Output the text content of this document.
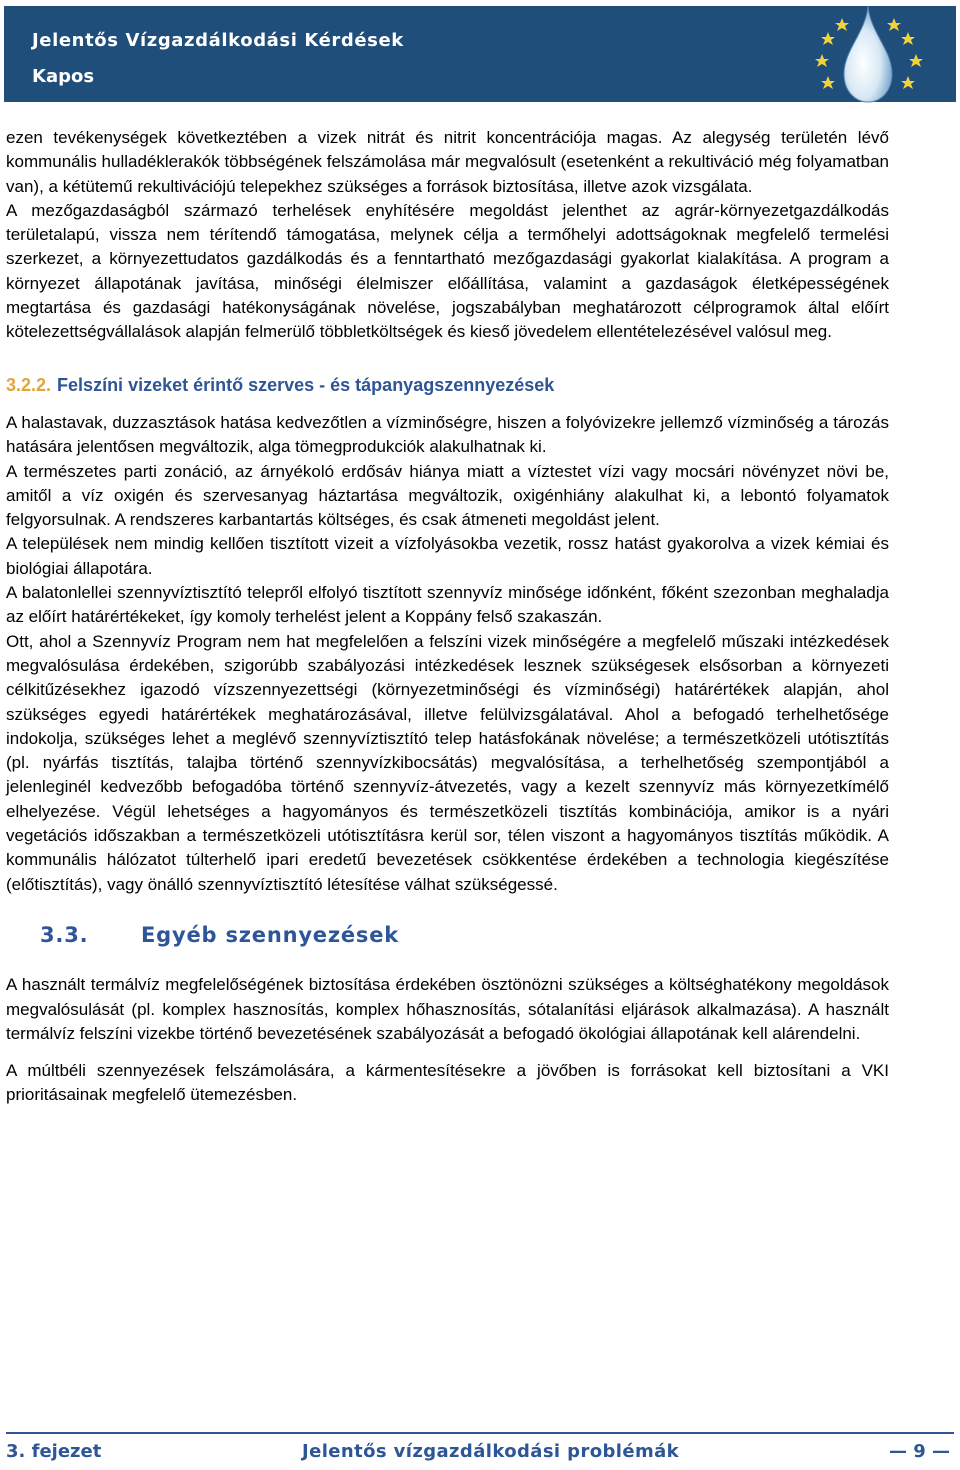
Jelentős Vízgazdálkodási Kérdések
Kapos

ezen tevékenységek következtében a vizek nitrát és nitrit koncentrációja magas. Az alegység területén lévő kommunális hulladéklerakók többségének felszámolása már megvalósult (esetenként a rekultiváció még folyamatban van), a kétütemű rekultivációjú telepekhez szükséges a források biztosítása, illetve azok vizsgálata.

A mezőgazdaságból származó terhelések enyhítésére megoldást jelenthet az agrár-környezetgazdálkodás területalapú, vissza nem térítendő támogatása, melynek célja a termőhelyi adottságoknak megfelelő termelési szerkezet, a környezettudatos gazdálkodás és a fenntartható mezőgazdasági gyakorlat kialakítása. A program a környezet állapotának javítása, minőségi élelmiszer előállítása, valamint a gazdaságok életképességének megtartása és gazdasági hatékonyságának növelése, jogszabályban meghatározott célprogramok által előírt kötelezettségvállalások alapján felmerülő többletköltségek és kieső jövedelem ellentételezésével valósul meg.

3.2.2. Felszíni vizeket érintő szerves - és tápanyagszennyezések

A halastavak, duzzasztások hatása kedvezőtlen a vízminőségre, hiszen a folyóvizekre jellemző vízminőség a tározás hatására jelentősen megváltozik, alga tömegprodukciók alakulhatnak ki.

A természetes parti zonáció, az árnyékoló erdősáv hiánya miatt a víztestet vízi vagy mocsári növényzet növi be, amitől a víz oxigén és szervesanyag háztartása megváltozik, oxigénhiány alakulhat ki, a lebontó folyamatok felgyorsulnak. A rendszeres karbantartás költséges, és csak átmeneti megoldást jelent.

A települések nem mindig kellően tisztított vizeit a vízfolyásokba vezetik, rossz hatást gyakorolva a vizek kémiai és biológiai állapotára.

A balatonlellei szennyvíztisztító telepről elfolyó tisztított szennyvíz minősége időnként, főként szezonban meghaladja az előírt határértékeket, így komoly terhelést jelent a Koppány felső szakaszán.

Ott, ahol a Szennyvíz Program nem hat megfelelően a felszíni vizek minőségére a megfelelő műszaki intézkedések megvalósulása érdekében, szigorúbb szabályozási intézkedések lesznek szükségesek elsősorban a környezeti célkitűzésekhez igazodó vízszennyezettségi (környezetminőségi és vízminőségi) határértékek alapján, ahol szükséges egyedi határértékek meghatározásával, illetve felülvizsgálatával. Ahol a befogadó terhelhetősége indokolja, szükséges lehet a meglévő szennyvíztisztító telep hatásfokának növelése; a természetközeli utótisztítás (pl. nyárfás tisztítás, talajba történő szennyvízkibocsátás) megvalósítása, a terhelhetőség szempontjából a jelenleginél kedvezőbb befogadóba történő szennyvíz-átvezetés, vagy a kezelt szennyvíz más környezetkímélő elhelyezése. Végül lehetséges a hagyományos és természetközeli tisztítás kombinációja, amikor is a nyári vegetációs időszakban a természetközeli utótisztításra kerül sor, télen viszont a hagyományos tisztítás működik. A kommunális hálózatot túlterhelő ipari eredetű bevezetések csökkentése érdekében a technologia kiegészítése (előtisztítás), vagy önálló szennyvíztisztító létesítése válhat szükségessé.

3.3.	Egyéb szennyezések

A használt termálvíz megfelelőségének biztosítása érdekében ösztönözni szükséges a költséghatékony megoldások megvalósulását (pl. komplex hasznosítás, komplex hőhasznosítás, sótalanítási eljárások alkalmazása). A használt termálvíz felszíni vizekbe történő bevezetésének szabályozását a befogadó ökológiai állapotának kell alárendelni.

A múltbéli szennyezések felszámolására, a kármentesítésekre a jövőben is forrásokat kell biztosítani a VKI prioritásainak megfelelő ütemezésben.

3. fejezet	Jelentős vízgazdálkodási problémák	— 9 —
